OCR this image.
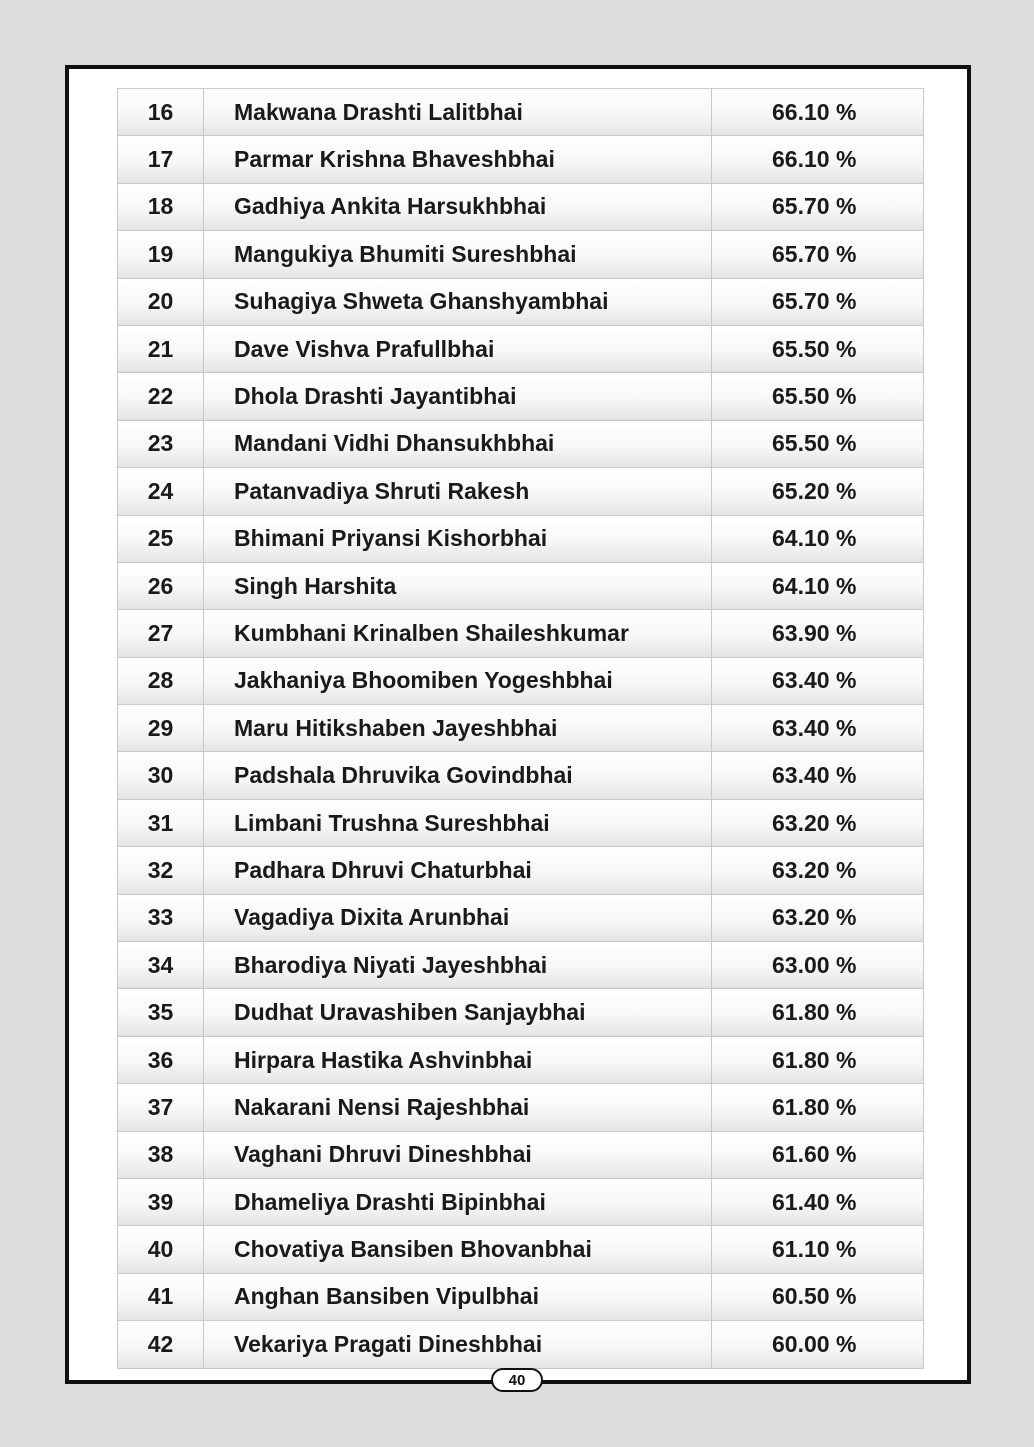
16	Makwana Drashti Lalitbhai	66.10 %
17	Parmar Krishna Bhaveshbhai	66.10 %
18	Gadhiya Ankita Harsukhbhai	65.70 %
19	Mangukiya Bhumiti Sureshbhai	65.70 %
20	Suhagiya Shweta Ghanshyambhai	65.70 %
21	Dave Vishva Prafullbhai	65.50 %
22	Dhola Drashti Jayantibhai	65.50 %
23	Mandani Vidhi Dhansukhbhai	65.50 %
24	Patanvadiya Shruti Rakesh	65.20 %
25	Bhimani Priyansi Kishorbhai	64.10 %
26	Singh Harshita	64.10 %
27	Kumbhani Krinalben Shaileshkumar	63.90 %
28	Jakhaniya Bhoomiben Yogeshbhai	63.40 %
29	Maru Hitikshaben Jayeshbhai	63.40 %
30	Padshala Dhruvika Govindbhai	63.40 %
31	Limbani Trushna Sureshbhai	63.20 %
32	Padhara Dhruvi Chaturbhai	63.20 %
33	Vagadiya Dixita Arunbhai	63.20 %
34	Bharodiya Niyati Jayeshbhai	63.00 %
35	Dudhat Uravashiben Sanjaybhai	61.80 %
36	Hirpara Hastika Ashvinbhai	61.80 %
37	Nakarani Nensi Rajeshbhai	61.80 %
38	Vaghani Dhruvi Dineshbhai	61.60 %
39	Dhameliya Drashti Bipinbhai	61.40 %
40	Chovatiya Bansiben Bhovanbhai	61.10 %
41	Anghan Bansiben Vipulbhai	60.50 %
42	Vekariya Pragati Dineshbhai	60.00 %
40
